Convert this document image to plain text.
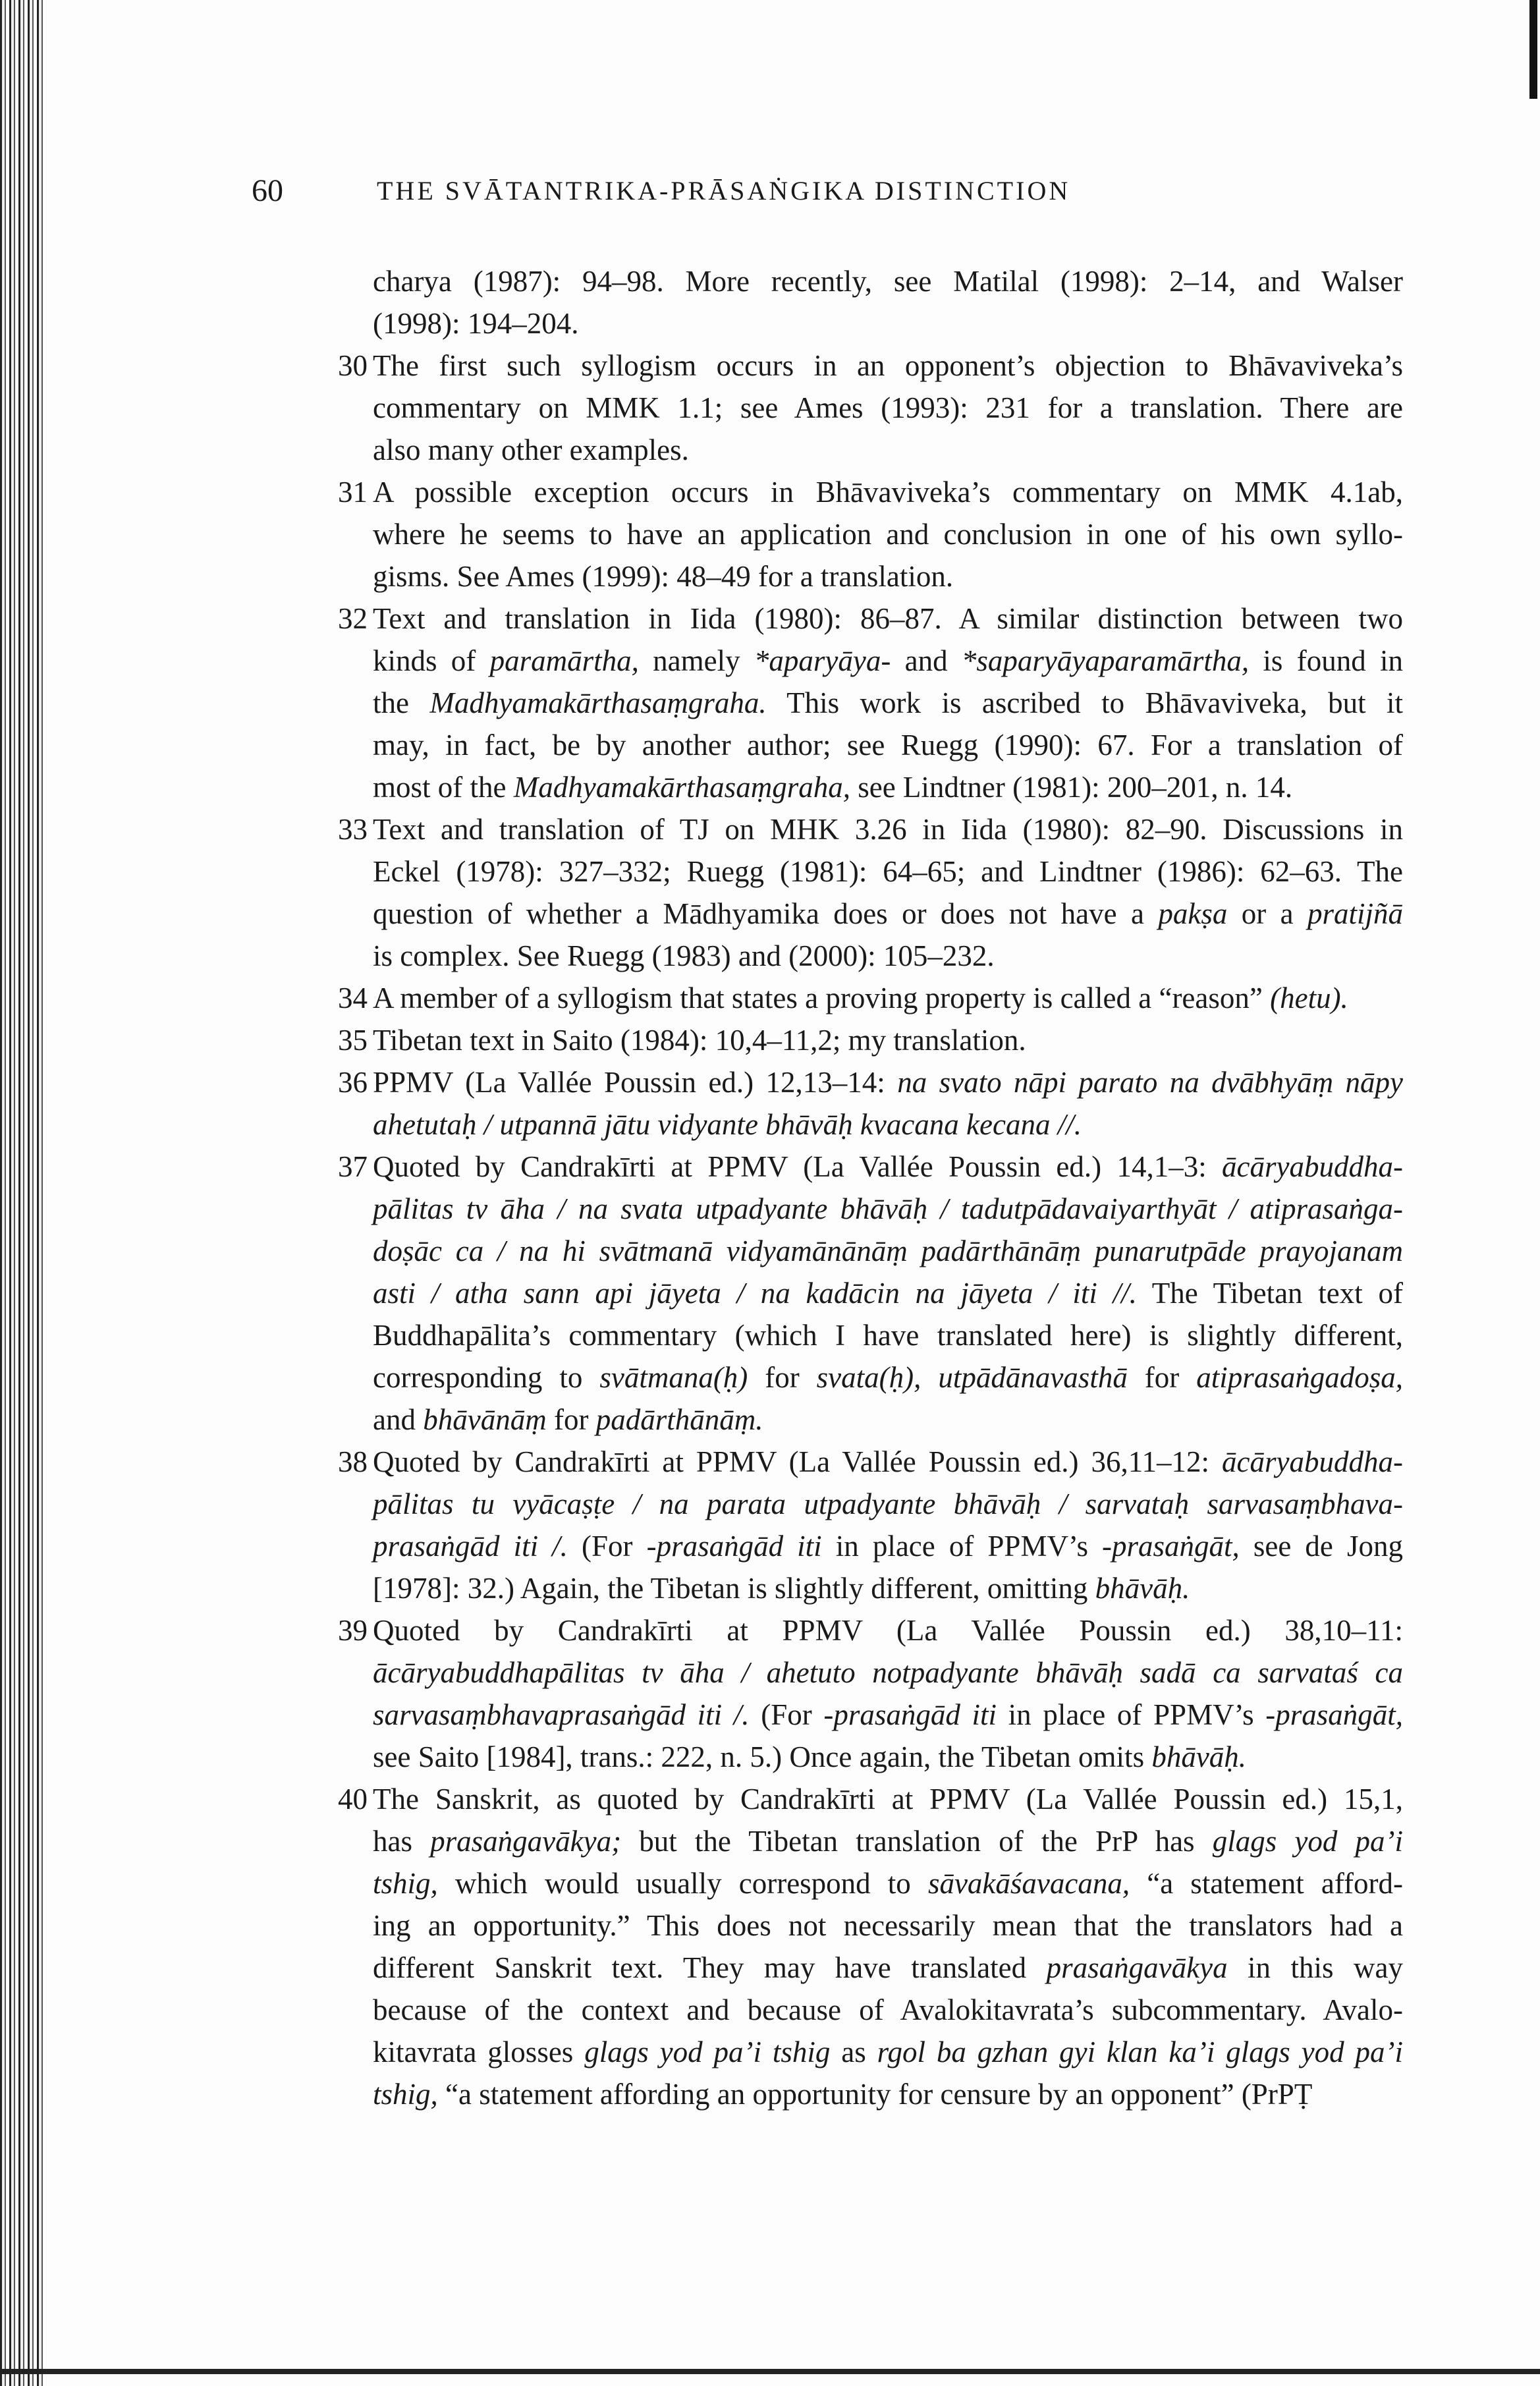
60	THE SVĀTANTRIKA-PRĀSAṄGIKA DISTINCTION
charya (1987): 94–98. More recently, see Matilal (1998): 2–14, and Walser
(1998): 194–204.
30 The first such syllogism occurs in an opponent’s objection to Bhāvaviveka’s
commentary on MMK 1.1; see Ames (1993): 231 for a translation. There are
also many other examples.
31 A possible exception occurs in Bhāvaviveka’s commentary on MMK 4.1ab,
where he seems to have an application and conclusion in one of his own syllo-
gisms. See Ames (1999): 48–49 for a translation.
32 Text and translation in Iida (1980): 86–87. A similar distinction between two
kinds of paramārtha, namely *aparyāya- and *saparyāyaparamārtha, is found in
the Madhyamakārthasaṃgraha. This work is ascribed to Bhāvaviveka, but it
may, in fact, be by another author; see Ruegg (1990): 67. For a translation of
most of the Madhyamakārthasaṃgraha, see Lindtner (1981): 200–201, n. 14.
33 Text and translation of TJ on MHK 3.26 in Iida (1980): 82–90. Discussions in
Eckel (1978): 327–332; Ruegg (1981): 64–65; and Lindtner (1986): 62–63. The
question of whether a Mādhyamika does or does not have a pakṣa or a pratijñā
is complex. See Ruegg (1983) and (2000): 105–232.
34 A member of a syllogism that states a proving property is called a “reason” (hetu).
35 Tibetan text in Saito (1984): 10,4–11,2; my translation.
36 PPMV (La Vallée Poussin ed.) 12,13–14: na svato nāpi parato na dvābhyāṃ nāpy
ahetutaḥ / utpannā jātu vidyante bhāvāḥ kvacana kecana //.
37 Quoted by Candrakīrti at PPMV (La Vallée Poussin ed.) 14,1–3: ācāryabuddha-
pālitas tv āha / na svata utpadyante bhāvāḥ / tadutpādavaiyarthyāt / atiprasaṅga-
doṣāc ca / na hi svātmanā vidyamānānāṃ padārthānāṃ punarutpāde prayojanam
asti / atha sann api jāyeta / na kadācin na jāyeta / iti //. The Tibetan text of
Buddhapālita’s commentary (which I have translated here) is slightly different,
corresponding to svātmana(ḥ) for svata(ḥ), utpādānavasthā for atiprasaṅgadoṣa,
and bhāvānāṃ for padārthānāṃ.
38 Quoted by Candrakīrti at PPMV (La Vallée Poussin ed.) 36,11–12: ācāryabuddha-
pālitas tu vyācaṣṭe / na parata utpadyante bhāvāḥ / sarvataḥ sarvasaṃbhava-
prasaṅgād iti /. (For -prasaṅgād iti in place of PPMV’s -prasaṅgāt, see de Jong
[1978]: 32.) Again, the Tibetan is slightly different, omitting bhāvāḥ.
39 Quoted by Candrakīrti at PPMV (La Vallée Poussin ed.) 38,10–11:
ācāryabuddhapālitas tv āha / ahetuto notpadyante bhāvāḥ sadā ca sarvataś ca
sarvasaṃbhavaprasaṅgād iti /. (For -prasaṅgād iti in place of PPMV’s -prasaṅgāt,
see Saito [1984], trans.: 222, n. 5.) Once again, the Tibetan omits bhāvāḥ.
40 The Sanskrit, as quoted by Candrakīrti at PPMV (La Vallée Poussin ed.) 15,1,
has prasaṅgavākya; but the Tibetan translation of the PrP has glags yod pa’i
tshig, which would usually correspond to sāvakāśavacana, “a statement afford-
ing an opportunity.” This does not necessarily mean that the translators had a
different Sanskrit text. They may have translated prasaṅgavākya in this way
because of the context and because of Avalokitavrata’s subcommentary. Avalo-
kitavrata glosses glags yod pa’i tshig as rgol ba gzhan gyi klan ka’i glags yod pa’i
tshig, “a statement affording an opportunity for censure by an opponent” (PrPṬ
